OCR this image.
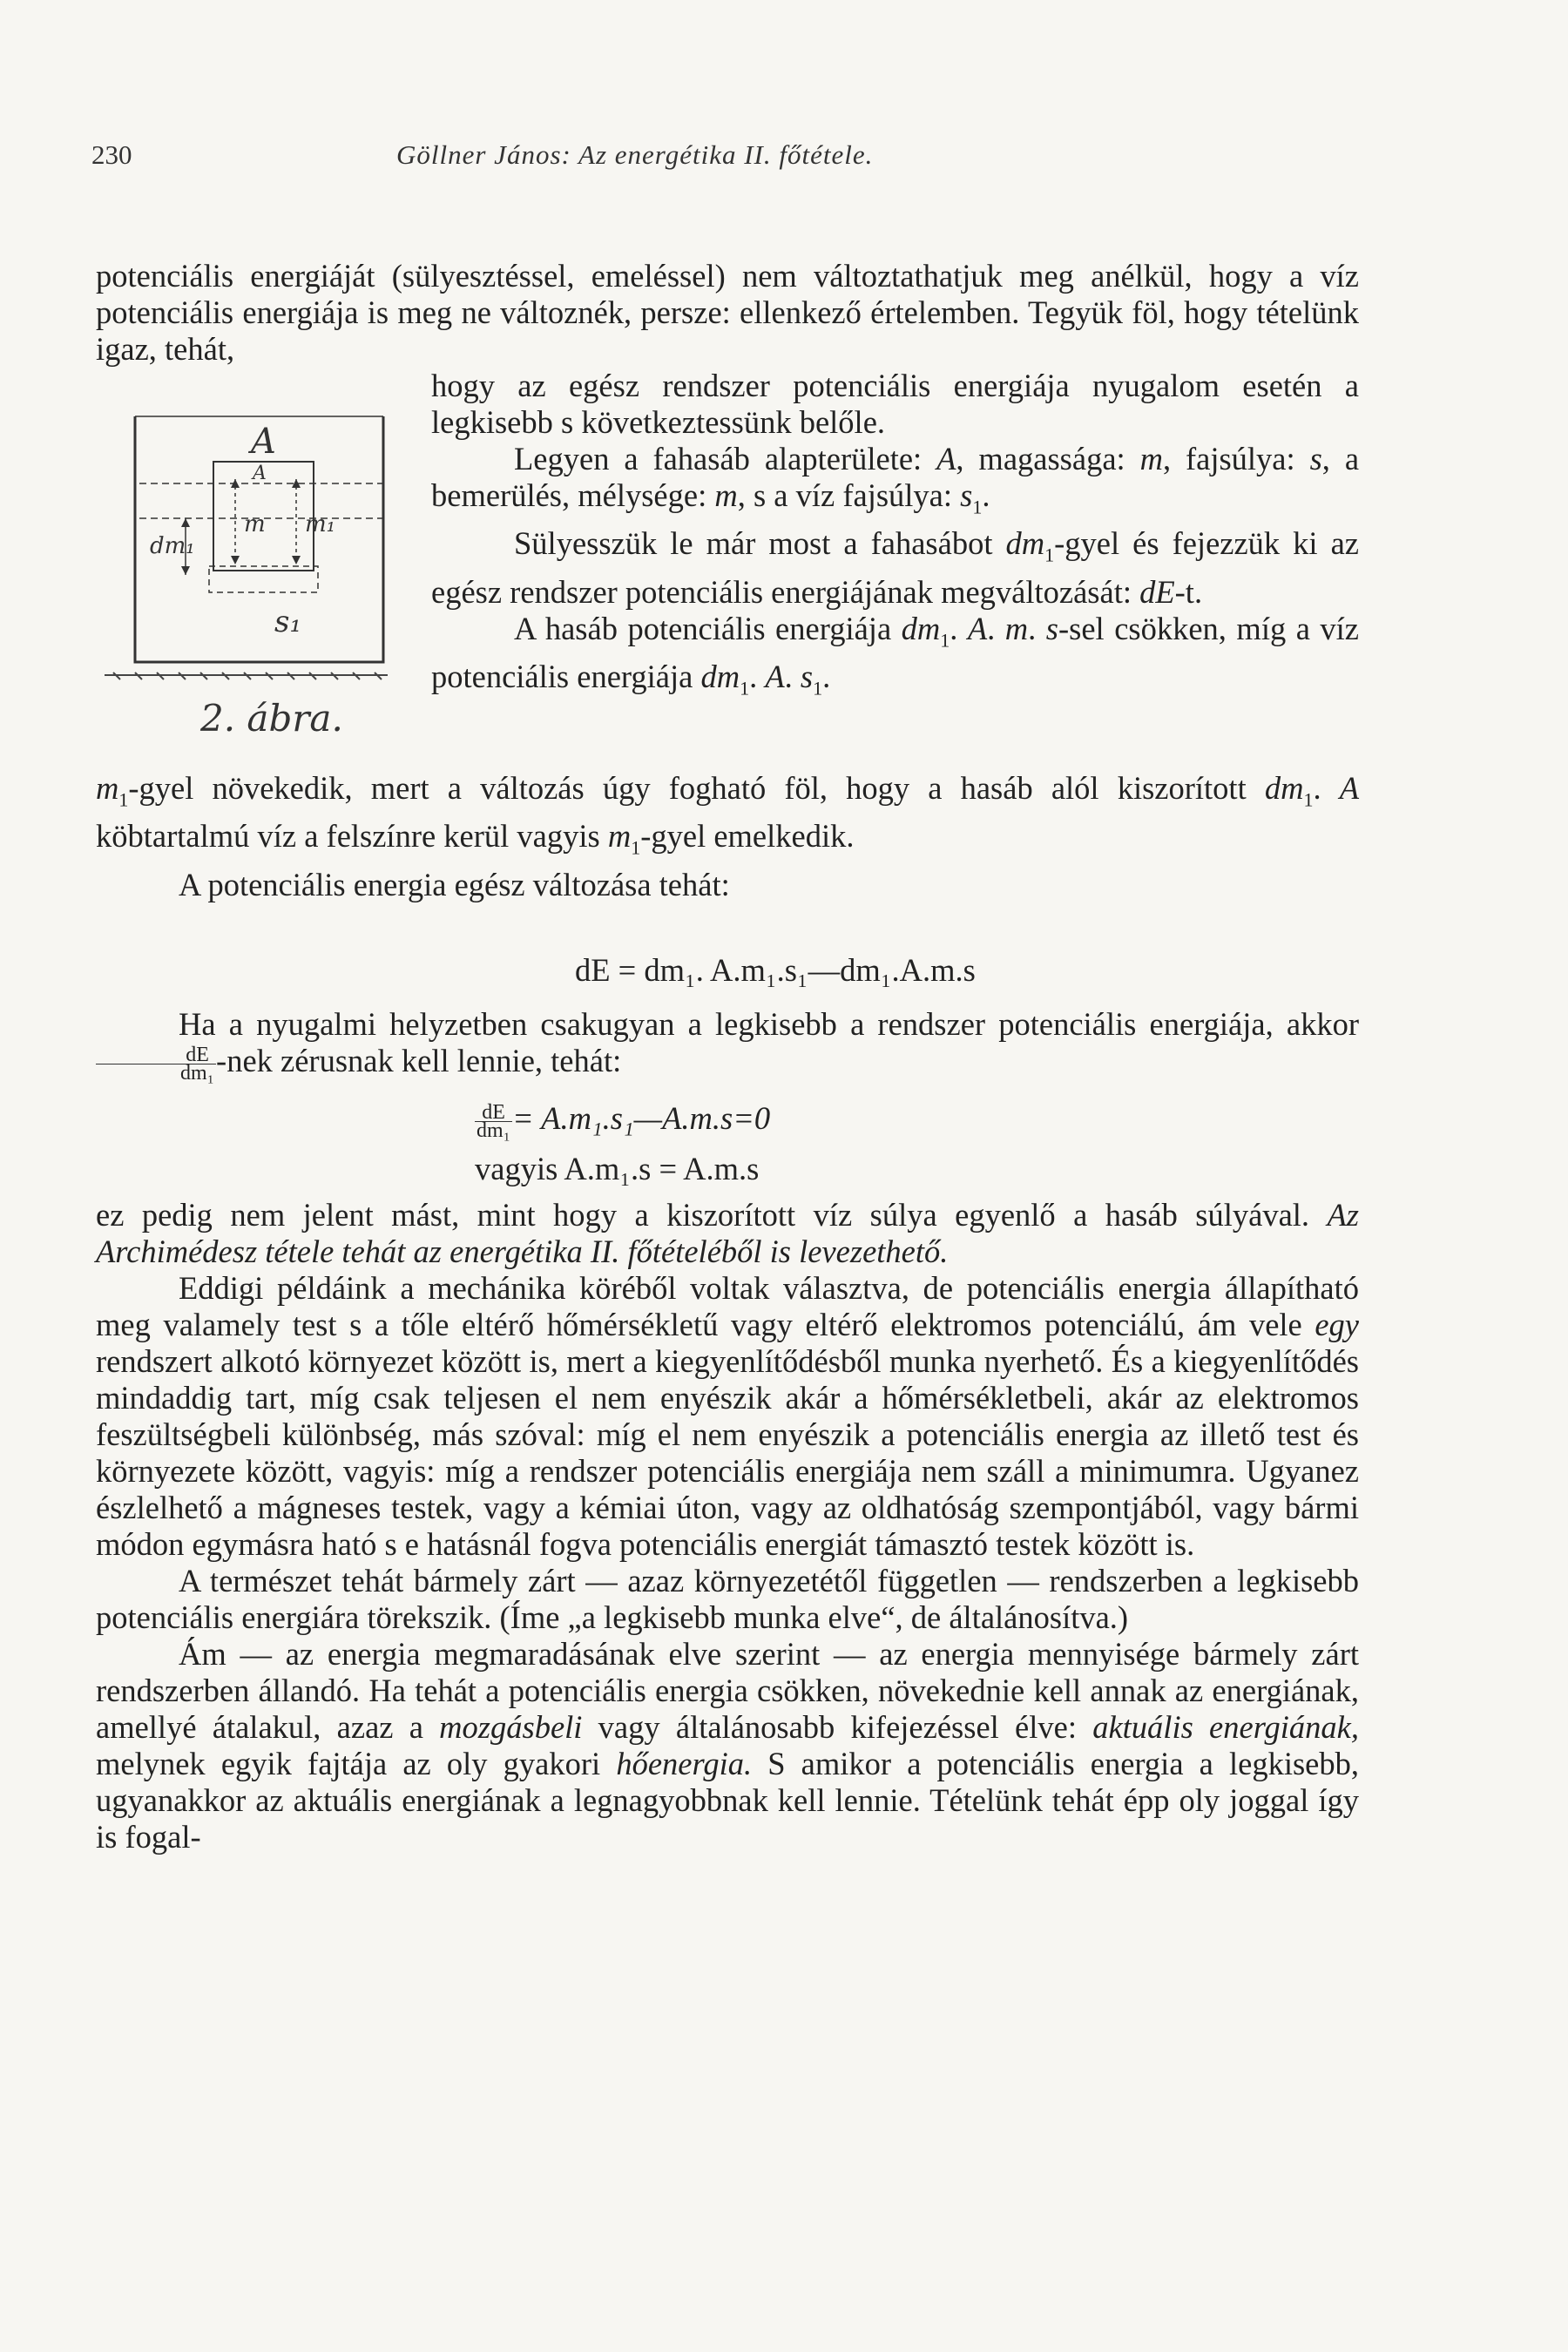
230	Göllner János: Az energétika II. főtétele.

potenciális energiáját (sülyesztéssel, emeléssel) nem változtathatjuk meg anélkül, hogy a víz potenciális energiája is meg ne változnék, persze: ellenkező értelemben. Tegyük föl, hogy tételünk igaz, tehát,

A
A
m m₁
dm₁
s₁
2. ábra.

hogy az egész rendszer potenciális energiája nyugalom esetén a legkisebb s következtessünk belőle.

Legyen a fahasáb alapterülete: A, magassága: m, fajsúlya: s, a bemerülés, mélysége: m, s a víz fajsúlya: $s_1$.

Sülyesszük le már most a fahasábot $dm_1$-gyel és fejezzük ki az egész rendszer potenciális energiájának megváltozását: dE-t.

A hasáb potenciális energiája $dm_1$. A. m. s-sel csökken, míg a víz potenciális energiája $dm_1$. A. $s_1$.

$m_1$-gyel növekedik, mert a változás úgy fogható föl, hogy a hasáb alól kiszorított $dm_1$. A köbtartalmú víz a felszínre kerül vagyis $m_1$-gyel emelkedik.

A potenciális energia egész változása tehát:

dE = dm₁. A.m₁.s₁—dm₁.A.m.s

Ha a nyugalmi helyzetben csakugyan a legkisebb a rendszer potenciális energiája, akkor
$\frac{dE}{\text{dm₁}} -nek$ zérusnak kell lennie, tehát:

$\frac{dE}{\text{dm₁}}$ = A.m₁.s₁—A.m.s=0
vagyis A.m₁.s = A.m.s

ez pedig nem jelent mást, mint hogy a kiszorított víz súlya egyenlő a hasáb súlyával. Az Archimédesz tétele tehát az energétika II. főtételéből is levezethető.

Eddigi példáink a mechánika köréből voltak választva, de potenciális energia állapítható meg valamely test s a tőle eltérő hőmérsékletű vagy eltérő elektromos potenciálú, ám vele egy rendszert alkotó környezet között is, mert a kiegyenlítődésből munka nyerhető. És a kiegyenlítődés mindaddig tart, míg csak teljesen el nem enyészik akár a hőmérsékletbeli, akár az elektromos feszültségbeli különbség, más szóval: míg el nem enyészik a potenciális energia az illető test és környezete között, vagyis: míg a rendszer potenciális energiája nem száll a minimumra. Ugyanez észlelhető a mágneses testek, vagy a kémiai úton, vagy az oldhatóság szempontjából, vagy bármi módon egymásra ható s e hatásnál fogva potenciális energiát támasztó testek között is.

A természet tehát bármely zárt — azaz környezetétől független — rendszerben a legkisebb potenciális energiára törekszik. (Íme „a legkisebb munka elve“, de általánosítva.)

Ám — az energia megmaradásának elve szerint — az energia mennyisége bármely zárt rendszerben állandó. Ha tehát a potenciális energia csökken, növekednie kell annak az energiának, amellyé átalakul, azaz a mozgásbeli vagy általánosabb kifejezéssel élve: aktuális energiának, melynek egyik fajtája az oly gyakori hőenergia. S amikor a potenciális energia a legkisebb, ugyanakkor az aktuális energiának a legnagyobbnak kell lennie. Tételünk tehát épp oly joggal így is fogal-
